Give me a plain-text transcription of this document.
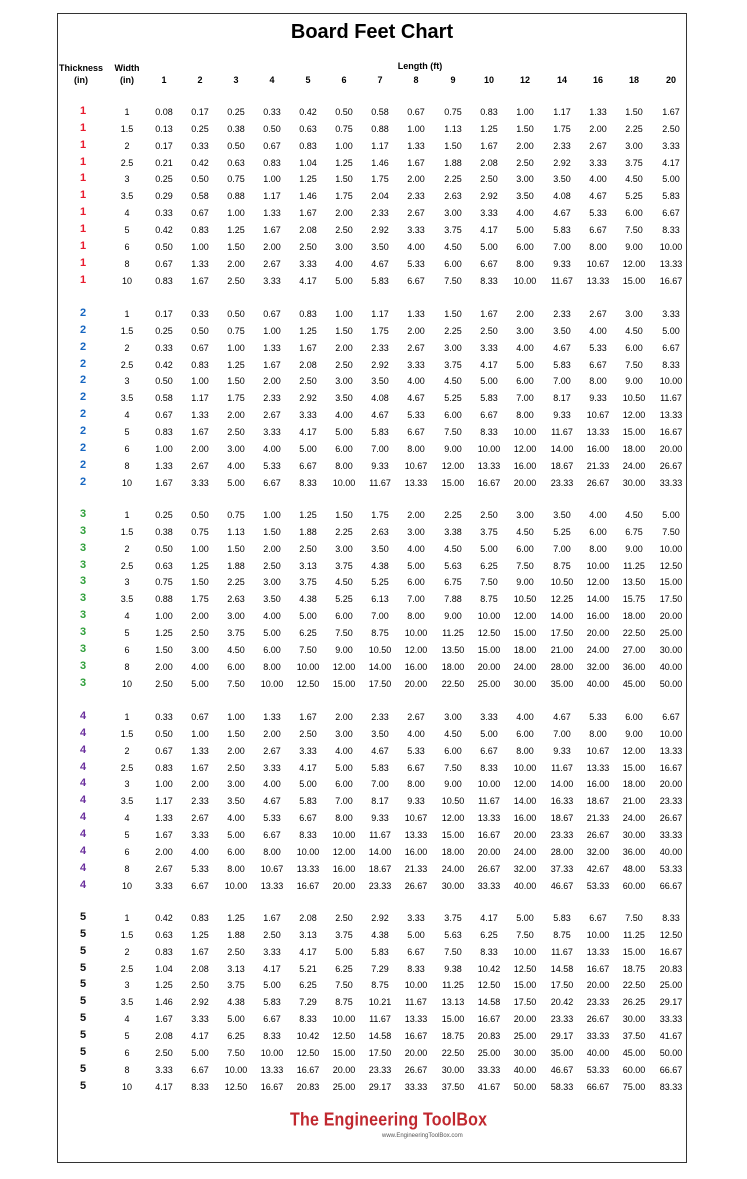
Board Feet Chart
Thickness
(in)
Width
(in)
Length (ft)
1	2	3	4	5	6	7	8	9	10	12	14	16	18	20
1	1	0.08	0.17	0.25	0.33	0.42	0.50	0.58	0.67	0.75	0.83	1.00	1.17	1.33	1.50	1.67
1	1.5	0.13	0.25	0.38	0.50	0.63	0.75	0.88	1.00	1.13	1.25	1.50	1.75	2.00	2.25	2.50
1	2	0.17	0.33	0.50	0.67	0.83	1.00	1.17	1.33	1.50	1.67	2.00	2.33	2.67	3.00	3.33
1	2.5	0.21	0.42	0.63	0.83	1.04	1.25	1.46	1.67	1.88	2.08	2.50	2.92	3.33	3.75	4.17
1	3	0.25	0.50	0.75	1.00	1.25	1.50	1.75	2.00	2.25	2.50	3.00	3.50	4.00	4.50	5.00
1	3.5	0.29	0.58	0.88	1.17	1.46	1.75	2.04	2.33	2.63	2.92	3.50	4.08	4.67	5.25	5.83
1	4	0.33	0.67	1.00	1.33	1.67	2.00	2.33	2.67	3.00	3.33	4.00	4.67	5.33	6.00	6.67
1	5	0.42	0.83	1.25	1.67	2.08	2.50	2.92	3.33	3.75	4.17	5.00	5.83	6.67	7.50	8.33
1	6	0.50	1.00	1.50	2.00	2.50	3.00	3.50	4.00	4.50	5.00	6.00	7.00	8.00	9.00	10.00
1	8	0.67	1.33	2.00	2.67	3.33	4.00	4.67	5.33	6.00	6.67	8.00	9.33	10.67	12.00	13.33
1	10	0.83	1.67	2.50	3.33	4.17	5.00	5.83	6.67	7.50	8.33	10.00	11.67	13.33	15.00	16.67
2	1	0.17	0.33	0.50	0.67	0.83	1.00	1.17	1.33	1.50	1.67	2.00	2.33	2.67	3.00	3.33
2	1.5	0.25	0.50	0.75	1.00	1.25	1.50	1.75	2.00	2.25	2.50	3.00	3.50	4.00	4.50	5.00
2	2	0.33	0.67	1.00	1.33	1.67	2.00	2.33	2.67	3.00	3.33	4.00	4.67	5.33	6.00	6.67
2	2.5	0.42	0.83	1.25	1.67	2.08	2.50	2.92	3.33	3.75	4.17	5.00	5.83	6.67	7.50	8.33
2	3	0.50	1.00	1.50	2.00	2.50	3.00	3.50	4.00	4.50	5.00	6.00	7.00	8.00	9.00	10.00
2	3.5	0.58	1.17	1.75	2.33	2.92	3.50	4.08	4.67	5.25	5.83	7.00	8.17	9.33	10.50	11.67
2	4	0.67	1.33	2.00	2.67	3.33	4.00	4.67	5.33	6.00	6.67	8.00	9.33	10.67	12.00	13.33
2	5	0.83	1.67	2.50	3.33	4.17	5.00	5.83	6.67	7.50	8.33	10.00	11.67	13.33	15.00	16.67
2	6	1.00	2.00	3.00	4.00	5.00	6.00	7.00	8.00	9.00	10.00	12.00	14.00	16.00	18.00	20.00
2	8	1.33	2.67	4.00	5.33	6.67	8.00	9.33	10.67	12.00	13.33	16.00	18.67	21.33	24.00	26.67
2	10	1.67	3.33	5.00	6.67	8.33	10.00	11.67	13.33	15.00	16.67	20.00	23.33	26.67	30.00	33.33
3	1	0.25	0.50	0.75	1.00	1.25	1.50	1.75	2.00	2.25	2.50	3.00	3.50	4.00	4.50	5.00
3	1.5	0.38	0.75	1.13	1.50	1.88	2.25	2.63	3.00	3.38	3.75	4.50	5.25	6.00	6.75	7.50
3	2	0.50	1.00	1.50	2.00	2.50	3.00	3.50	4.00	4.50	5.00	6.00	7.00	8.00	9.00	10.00
3	2.5	0.63	1.25	1.88	2.50	3.13	3.75	4.38	5.00	5.63	6.25	7.50	8.75	10.00	11.25	12.50
3	3	0.75	1.50	2.25	3.00	3.75	4.50	5.25	6.00	6.75	7.50	9.00	10.50	12.00	13.50	15.00
3	3.5	0.88	1.75	2.63	3.50	4.38	5.25	6.13	7.00	7.88	8.75	10.50	12.25	14.00	15.75	17.50
3	4	1.00	2.00	3.00	4.00	5.00	6.00	7.00	8.00	9.00	10.00	12.00	14.00	16.00	18.00	20.00
3	5	1.25	2.50	3.75	5.00	6.25	7.50	8.75	10.00	11.25	12.50	15.00	17.50	20.00	22.50	25.00
3	6	1.50	3.00	4.50	6.00	7.50	9.00	10.50	12.00	13.50	15.00	18.00	21.00	24.00	27.00	30.00
3	8	2.00	4.00	6.00	8.00	10.00	12.00	14.00	16.00	18.00	20.00	24.00	28.00	32.00	36.00	40.00
3	10	2.50	5.00	7.50	10.00	12.50	15.00	17.50	20.00	22.50	25.00	30.00	35.00	40.00	45.00	50.00
4	1	0.33	0.67	1.00	1.33	1.67	2.00	2.33	2.67	3.00	3.33	4.00	4.67	5.33	6.00	6.67
4	1.5	0.50	1.00	1.50	2.00	2.50	3.00	3.50	4.00	4.50	5.00	6.00	7.00	8.00	9.00	10.00
4	2	0.67	1.33	2.00	2.67	3.33	4.00	4.67	5.33	6.00	6.67	8.00	9.33	10.67	12.00	13.33
4	2.5	0.83	1.67	2.50	3.33	4.17	5.00	5.83	6.67	7.50	8.33	10.00	11.67	13.33	15.00	16.67
4	3	1.00	2.00	3.00	4.00	5.00	6.00	7.00	8.00	9.00	10.00	12.00	14.00	16.00	18.00	20.00
4	3.5	1.17	2.33	3.50	4.67	5.83	7.00	8.17	9.33	10.50	11.67	14.00	16.33	18.67	21.00	23.33
4	4	1.33	2.67	4.00	5.33	6.67	8.00	9.33	10.67	12.00	13.33	16.00	18.67	21.33	24.00	26.67
4	5	1.67	3.33	5.00	6.67	8.33	10.00	11.67	13.33	15.00	16.67	20.00	23.33	26.67	30.00	33.33
4	6	2.00	4.00	6.00	8.00	10.00	12.00	14.00	16.00	18.00	20.00	24.00	28.00	32.00	36.00	40.00
4	8	2.67	5.33	8.00	10.67	13.33	16.00	18.67	21.33	24.00	26.67	32.00	37.33	42.67	48.00	53.33
4	10	3.33	6.67	10.00	13.33	16.67	20.00	23.33	26.67	30.00	33.33	40.00	46.67	53.33	60.00	66.67
5	1	0.42	0.83	1.25	1.67	2.08	2.50	2.92	3.33	3.75	4.17	5.00	5.83	6.67	7.50	8.33
5	1.5	0.63	1.25	1.88	2.50	3.13	3.75	4.38	5.00	5.63	6.25	7.50	8.75	10.00	11.25	12.50
5	2	0.83	1.67	2.50	3.33	4.17	5.00	5.83	6.67	7.50	8.33	10.00	11.67	13.33	15.00	16.67
5	2.5	1.04	2.08	3.13	4.17	5.21	6.25	7.29	8.33	9.38	10.42	12.50	14.58	16.67	18.75	20.83
5	3	1.25	2.50	3.75	5.00	6.25	7.50	8.75	10.00	11.25	12.50	15.00	17.50	20.00	22.50	25.00
5	3.5	1.46	2.92	4.38	5.83	7.29	8.75	10.21	11.67	13.13	14.58	17.50	20.42	23.33	26.25	29.17
5	4	1.67	3.33	5.00	6.67	8.33	10.00	11.67	13.33	15.00	16.67	20.00	23.33	26.67	30.00	33.33
5	5	2.08	4.17	6.25	8.33	10.42	12.50	14.58	16.67	18.75	20.83	25.00	29.17	33.33	37.50	41.67
5	6	2.50	5.00	7.50	10.00	12.50	15.00	17.50	20.00	22.50	25.00	30.00	35.00	40.00	45.00	50.00
5	8	3.33	6.67	10.00	13.33	16.67	20.00	23.33	26.67	30.00	33.33	40.00	46.67	53.33	60.00	66.67
5	10	4.17	8.33	12.50	16.67	20.83	25.00	29.17	33.33	37.50	41.67	50.00	58.33	66.67	75.00	83.33
The Engineering ToolBox
www.EngineeringToolBox.com
